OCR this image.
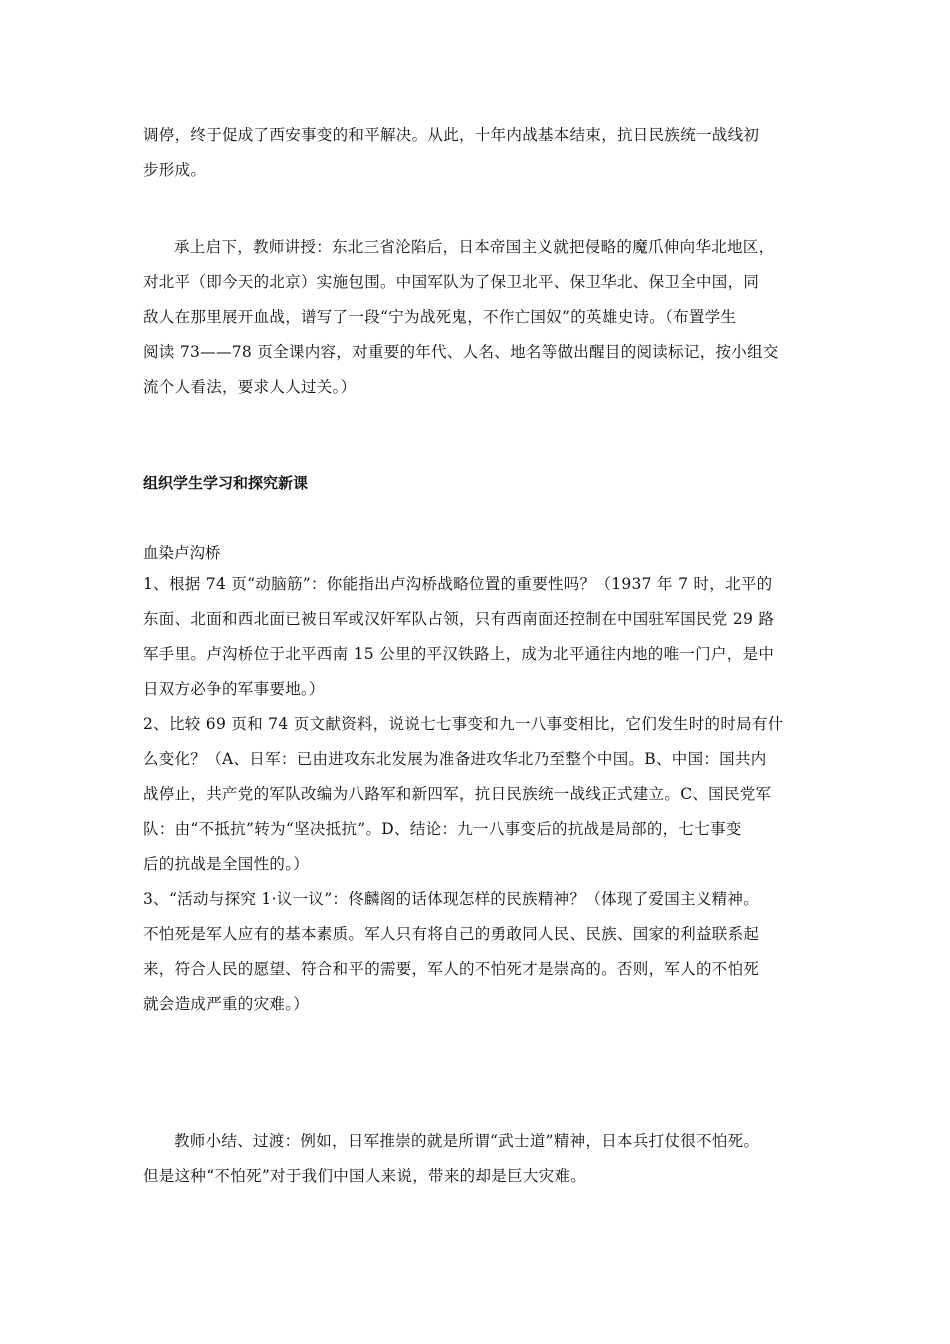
调停，终于促成了西安事变的和平解决。从此，十年内战基本结束，抗日民族统一战线初
步形成。
承上启下，教师讲授：东北三省沦陷后，日本帝国主义就把侵略的魔爪伸向华北地区，
对北平（即今天的北京）实施包围。中国军队为了保卫北平、保卫华北、保卫全中国，同
敌人在那里展开血战，谱写了一段“宁为战死鬼，不作亡国奴”的英雄史诗。（布置学生
阅读 73——78 页全课内容，对重要的年代、人名、地名等做出醒目的阅读标记，按小组交
流个人看法，要求人人过关。）
组织学生学习和探究新课
血染卢沟桥
1、根据 74 页“动脑筋”：你能指出卢沟桥战略位置的重要性吗？（1937 年 7 时，北平的
东面、北面和西北面已被日军或汉奸军队占领，只有西南面还控制在中国驻军国民党 29 路
军手里。卢沟桥位于北平西南 15 公里的平汉铁路上，成为北平通往内地的唯一门户，是中
日双方必争的军事要地。）
2、比较 69 页和 74 页文献资料，说说七七事变和九一八事变相比，它们发生时的时局有什
么变化？（A、日军：已由进攻东北发展为准备进攻华北乃至整个中国。B、中国：国共内
战停止，共产党的军队改编为八路军和新四军，抗日民族统一战线正式建立。C、国民党军
队：由“不抵抗”转为“坚决抵抗”。D、结论：九一八事变后的抗战是局部的，七七事变
后的抗战是全国性的。）
3、“活动与探究 1·议一议”：佟麟阁的话体现怎样的民族精神？（体现了爱国主义精神。
不怕死是军人应有的基本素质。军人只有将自己的勇敢同人民、民族、国家的利益联系起
来，符合人民的愿望、符合和平的需要，军人的不怕死才是崇高的。否则，军人的不怕死
就会造成严重的灾难。）
教师小结、过渡：例如，日军推崇的就是所谓“武士道”精神，日本兵打仗很不怕死。
但是这种“不怕死”对于我们中国人来说，带来的却是巨大灾难。
